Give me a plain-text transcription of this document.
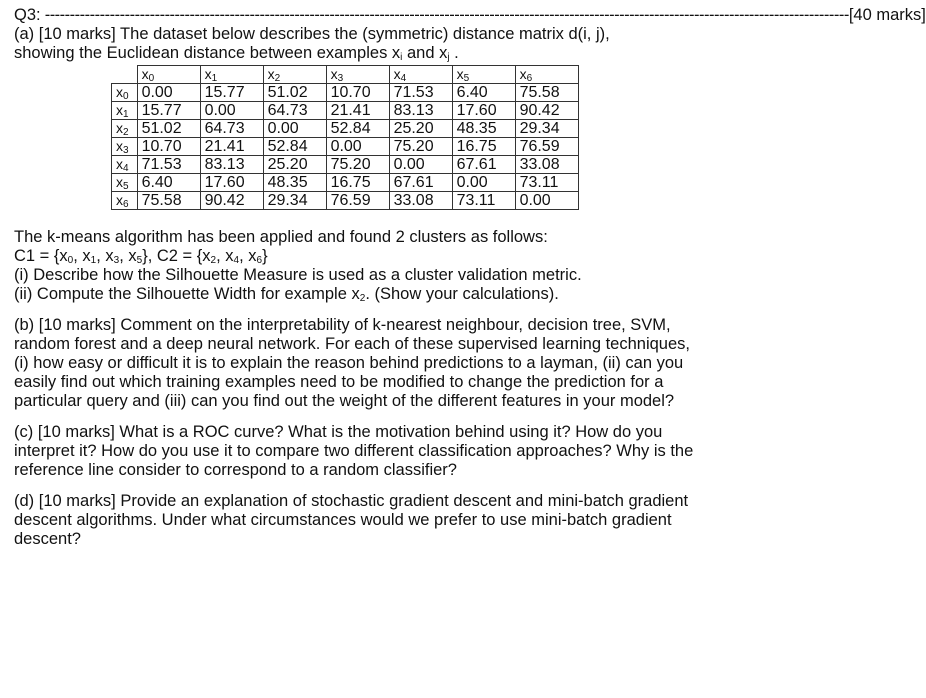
Q3: ----------------------------------------------------------------------------------------------------------------------------------------------------------------- [40 marks]

(a) [10 marks] The dataset below describes the (symmetric) distance matrix d(i, j),

showing the Euclidean distance between examples $x_i$ and $x_j$ .

	$x_0$	$x_1$	$x_2$	$x_3$	$x_4$	$x_5$	$x_6$
$x_0$	0.00	15.77	51.02	10.70	71.53	6.40	75.58
$x_1$	15.77	0.00	64.73	21.41	83.13	17.60	90.42
$x_2$	51.02	64.73	0.00	52.84	25.20	48.35	29.34
$x_3$	10.70	21.41	52.84	0.00	75.20	16.75	76.59
$x_4$	71.53	83.13	25.20	75.20	0.00	67.61	33.08
$x_5$	6.40	17.60	48.35	16.75	67.61	0.00	73.11
$x_6$	75.58	90.42	29.34	76.59	33.08	73.11	0.00

The k-means algorithm has been applied and found 2 clusters as follows:

$C1 = \{x_0$, $x_1$, $x_3$, $x_5$}, $C2 = \{x_2$, $x_4$, $x_6$}

(i) Describe how the Silhouette Measure is used as a cluster validation metric.

(ii) Compute the Silhouette Width for example $x_2$. (Show your calculations).

(b) [10 marks] Comment on the interpretability of k-nearest neighbour, decision tree, SVM, random forest and a deep neural network. For each of these supervised learning techniques, (i) how easy or difficult it is to explain the reason behind predictions to a layman, (ii) can you easily find out which training examples need to be modified to change the prediction for a particular query and (iii) can you find out the weight of the different features in your model?

(c) [10 marks] What is a ROC curve? What is the motivation behind using it? How do you interpret it? How do you use it to compare two different classification approaches? Why is the reference line consider to correspond to a random classifier?

(d) [10 marks] Provide an explanation of stochastic gradient descent and mini-batch gradient descent algorithms. Under what circumstances would we prefer to use mini-batch gradient descent?
